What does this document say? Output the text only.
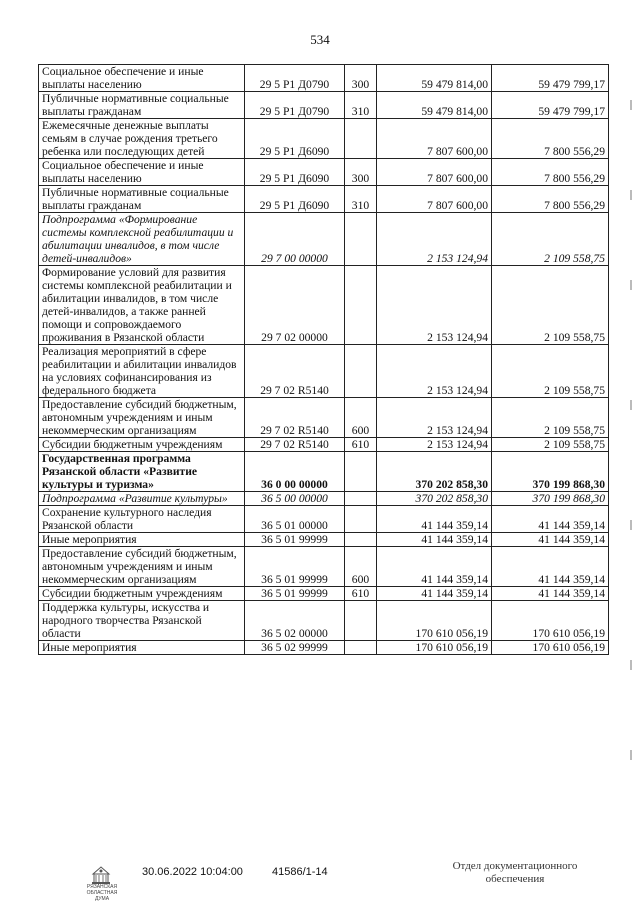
534
Социальное обеспечение и иные выплаты населению	29 5 Р1 Д0790	300	59 479 814,00	59 479 799,17
Публичные нормативные социальные выплаты гражданам	29 5 Р1 Д0790	310	59 479 814,00	59 479 799,17
Ежемесячные денежные выплаты семьям в случае рождения третьего ребенка или последующих детей	29 5 Р1 Д6090		7 807 600,00	7 800 556,29
Социальное обеспечение и иные выплаты населению	29 5 Р1 Д6090	300	7 807 600,00	7 800 556,29
Публичные нормативные социальные выплаты гражданам	29 5 Р1 Д6090	310	7 807 600,00	7 800 556,29
Подпрограмма «Формирование системы комплексной реабилитации и абилитации инвалидов, в том числе детей-инвалидов»	29 7 00 00000		2 153 124,94	2 109 558,75
Формирование условий для развития системы комплексной реабилитации и абилитации инвалидов, в том числе детей-инвалидов, а также ранней помощи и сопровождаемого проживания в Рязанской области	29 7 02 00000		2 153 124,94	2 109 558,75
Реализация мероприятий в сфере реабилитации и абилитации инвалидов на условиях софинансирования из федерального бюджета	29 7 02 R5140		2 153 124,94	2 109 558,75
Предоставление субсидий бюджетным, автономным учреждениям и иным некоммерческим организациям	29 7 02 R5140	600	2 153 124,94	2 109 558,75
Субсидии бюджетным учреждениям	29 7 02 R5140	610	2 153 124,94	2 109 558,75
Государственная программа Рязанской области «Развитие культуры и туризма»	36 0 00 00000		370 202 858,30	370 199 868,30
Подпрограмма «Развитие культуры»	36 5 00 00000		370 202 858,30	370 199 868,30
Сохранение культурного наследия Рязанской области	36 5 01 00000		41 144 359,14	41 144 359,14
Иные мероприятия	36 5 01 99999		41 144 359,14	41 144 359,14
Предоставление субсидий бюджетным, автономным учреждениям и иным некоммерческим организациям	36 5 01 99999	600	41 144 359,14	41 144 359,14
Субсидии бюджетным учреждениям	36 5 01 99999	610	41 144 359,14	41 144 359,14
Поддержка культуры, искусства и народного творчества Рязанской области	36 5 02 00000		170 610 056,19	170 610 056,19
Иные мероприятия	36 5 02 99999		170 610 056,19	170 610 056,19
РЯЗАНСКАЯ ОБЛАСТНАЯ ДУМА
30.06.2022 10:04:00	41586/1-14	Отдел документационного обеспечения
